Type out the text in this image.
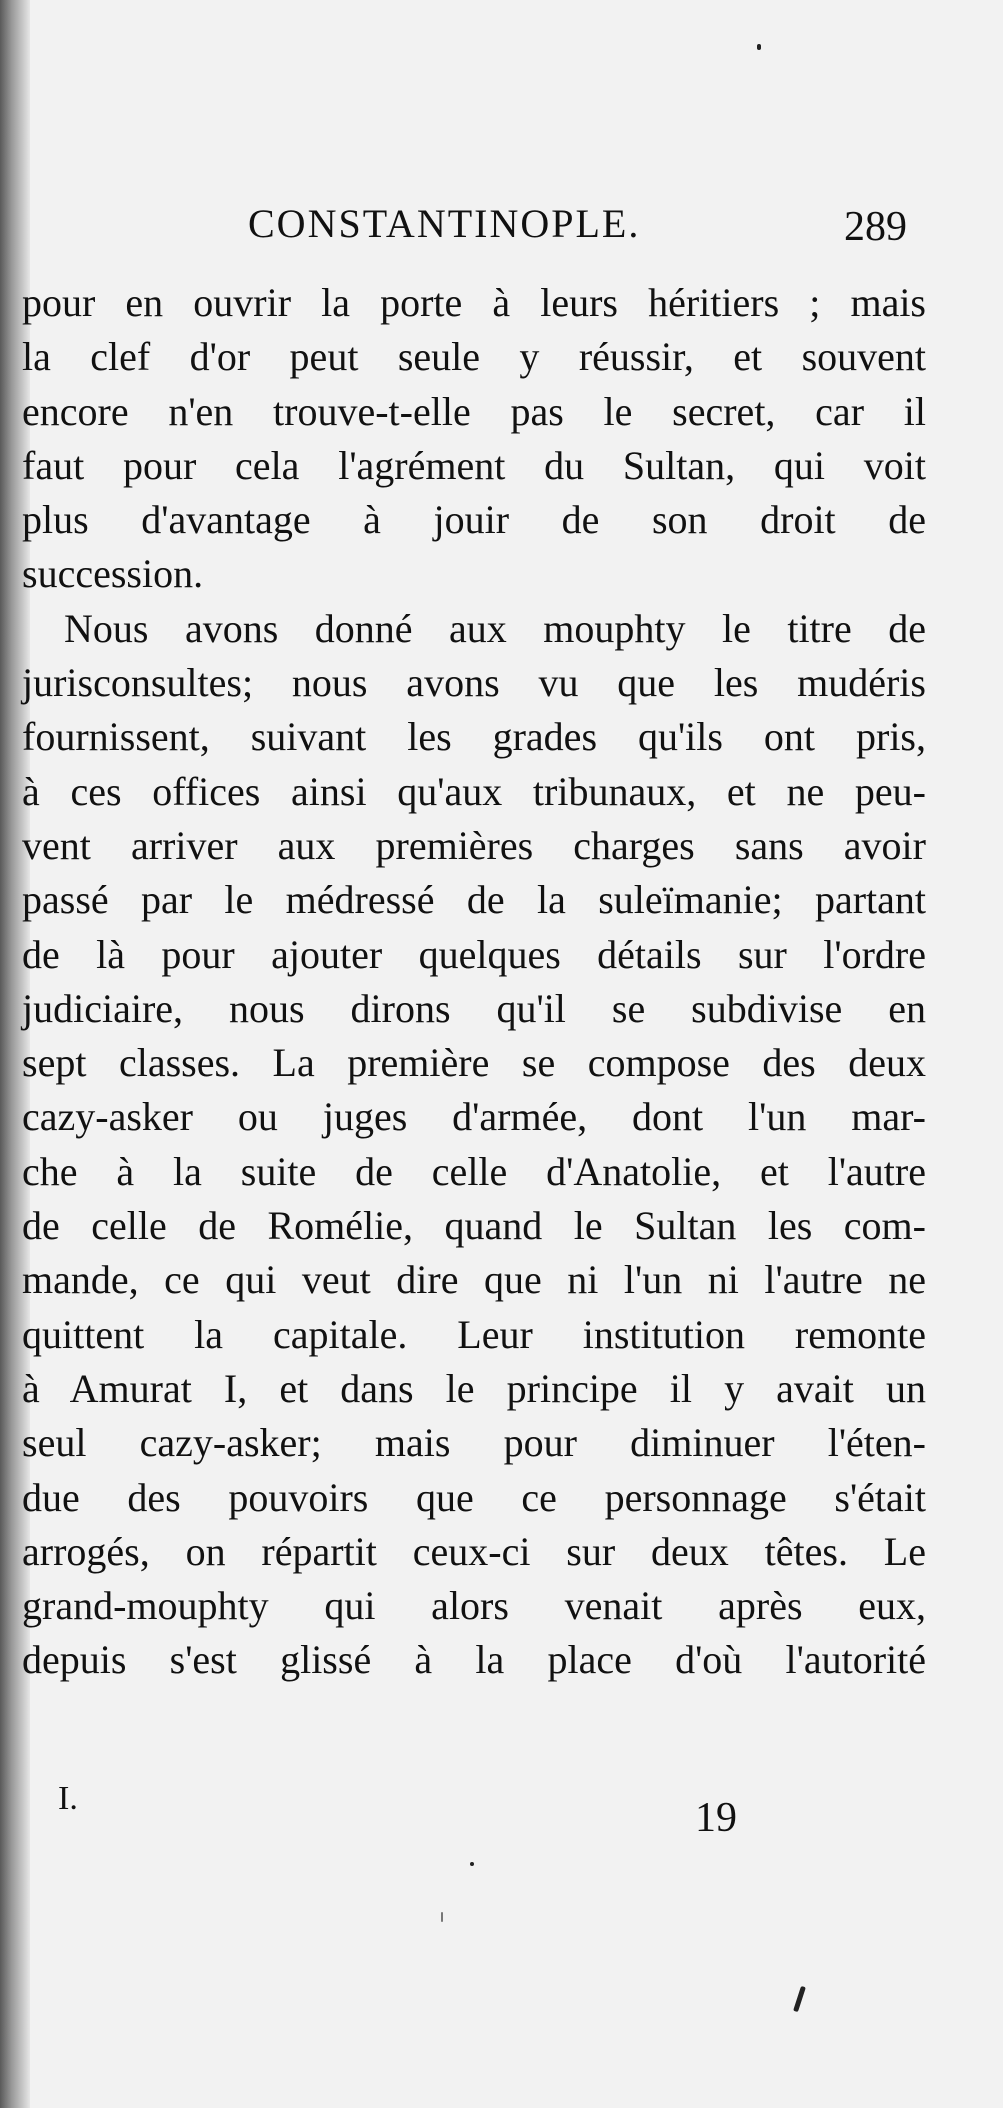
CONSTANTINOPLE.	289
pour en ouvrir la porte à leurs héritiers ; mais
la clef d'or peut seule y réussir, et souvent
encore n'en trouve-t-elle pas le secret, car il
faut pour cela l'agrément du Sultan, qui voit
plus d'avantage à jouir de son droit de
succession.
Nous avons donné aux mouphty le titre de
jurisconsultes; nous avons vu que les mudéris
fournissent, suivant les grades qu'ils ont pris,
à ces offices ainsi qu'aux tribunaux, et ne peu-
vent arriver aux premières charges sans avoir
passé par le médressé de la suleïmanie; partant
de là pour ajouter quelques détails sur l'ordre
judiciaire, nous dirons qu'il se subdivise en
sept classes. La première se compose des deux
cazy-asker ou juges d'armée, dont l'un mar-
che à la suite de celle d'Anatolie, et l'autre
de celle de Romélie, quand le Sultan les com-
mande, ce qui veut dire que ni l'un ni l'autre ne
quittent la capitale. Leur institution remonte
à Amurat I, et dans le principe il y avait un
seul cazy-asker; mais pour diminuer l'éten-
due des pouvoirs que ce personnage s'était
arrogés, on répartit ceux-ci sur deux têtes. Le
grand-mouphty qui alors venait après eux,
depuis s'est glissé à la place d'où l'autorité
I.	19
